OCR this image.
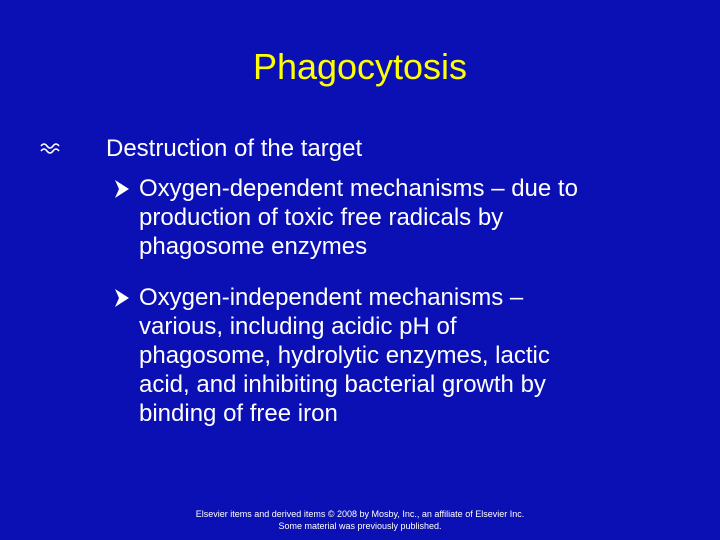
Phagocytosis
Destruction of the target
Oxygen-dependent mechanisms – due to
production of toxic free radicals by
phagosome enzymes
Oxygen-independent mechanisms –
various, including acidic pH of
phagosome, hydrolytic enzymes, lactic
acid, and inhibiting bacterial growth by
binding of free iron
Elsevier items and derived items © 2008 by Mosby, Inc., an affiliate of Elsevier Inc.
Some material was previously published.
